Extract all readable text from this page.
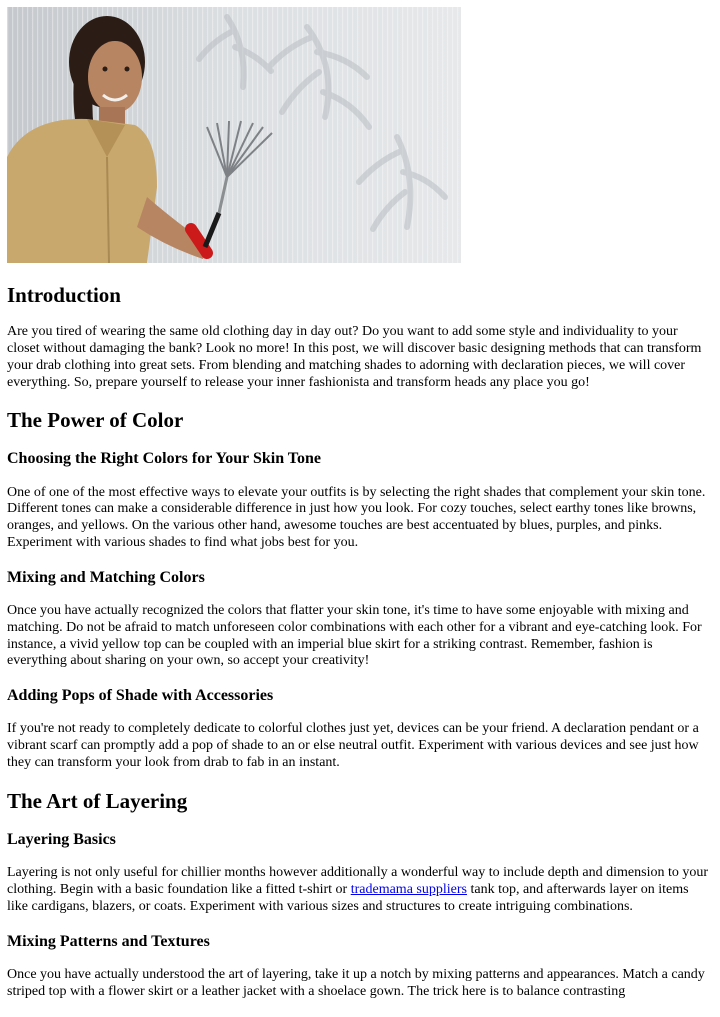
Introduction

Are you tired of wearing the same old clothing day in day out? Do you want to add some style and individuality to your closet without damaging the bank? Look no more! In this post, we will discover basic designing methods that can transform your drab clothing into great sets. From blending and matching shades to adorning with declaration pieces, we will cover everything. So, prepare yourself to release your inner fashionista and transform heads any place you go!

The Power of Color
Choosing the Right Colors for Your Skin Tone

One of one of the most effective ways to elevate your outfits is by selecting the right shades that complement your skin tone. Different tones can make a considerable difference in just how you look. For cozy touches, select earthy tones like browns, oranges, and yellows. On the various other hand, awesome touches are best accentuated by blues, purples, and pinks. Experiment with various shades to find what jobs best for you.

Mixing and Matching Colors

Once you have actually recognized the colors that flatter your skin tone, it's time to have some enjoyable with mixing and matching. Do not be afraid to match unforeseen color combinations with each other for a vibrant and eye-catching look. For instance, a vivid yellow top can be coupled with an imperial blue skirt for a striking contrast. Remember, fashion is everything about sharing on your own, so accept your creativity!

Adding Pops of Shade with Accessories

If you're not ready to completely dedicate to colorful clothes just yet, devices can be your friend. A declaration pendant or a vibrant scarf can promptly add a pop of shade to an or else neutral outfit. Experiment with various devices and see just how they can transform your look from drab to fab in an instant.

The Art of Layering
Layering Basics

Layering is not only useful for chillier months however additionally a wonderful way to include depth and dimension to your clothing. Begin with a basic foundation like a fitted t-shirt or trademama suppliers tank top, and afterwards layer on items like cardigans, blazers, or coats. Experiment with various sizes and structures to create intriguing combinations.

Mixing Patterns and Textures

Once you have actually understood the art of layering, take it up a notch by mixing patterns and appearances. Match a candy striped top with a flower skirt or a leather jacket with a shoelace gown. The trick here is to balance contrasting
